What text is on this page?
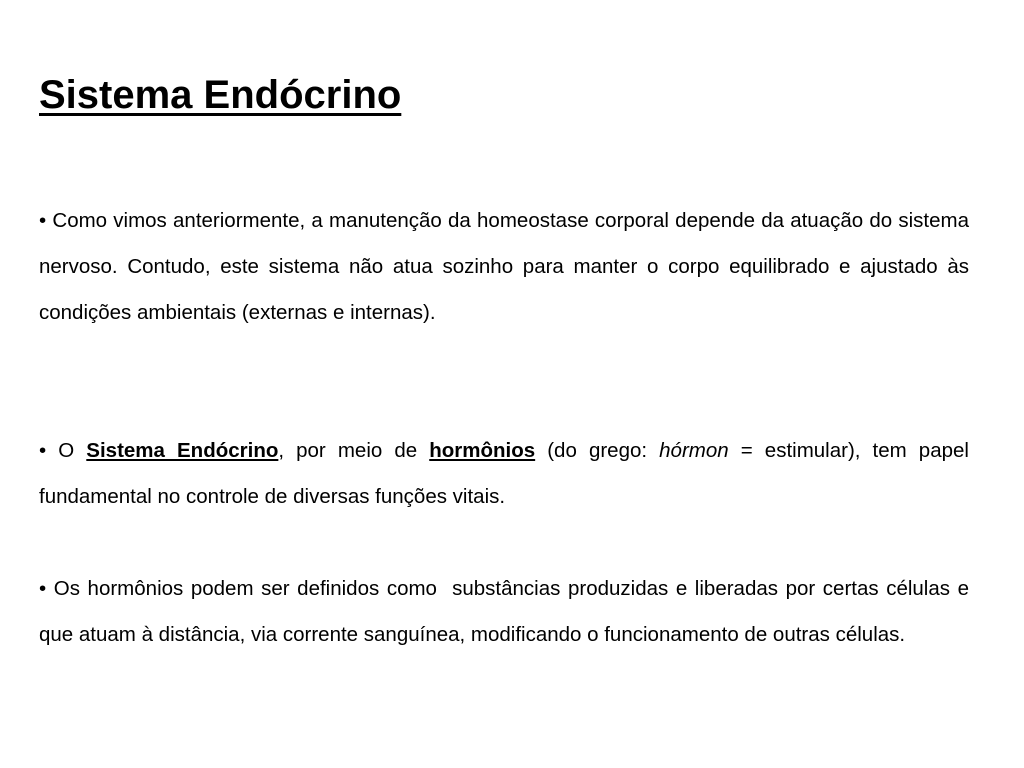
Sistema Endócrino

• Como vimos anteriormente, a manutenção da homeostase corporal depende da atuação do sistema nervoso. Contudo, este sistema não atua sozinho para manter o corpo equilibrado e ajustado às condições ambientais (externas e internas).

• O Sistema Endócrino, por meio de hormônios (do grego: hórmon = estimular), tem papel fundamental no controle de diversas funções vitais.

• Os hormônios podem ser definidos como substâncias produzidas e liberadas por certas células e que atuam à distância, via corrente sanguínea, modificando o funcionamento de outras células.
